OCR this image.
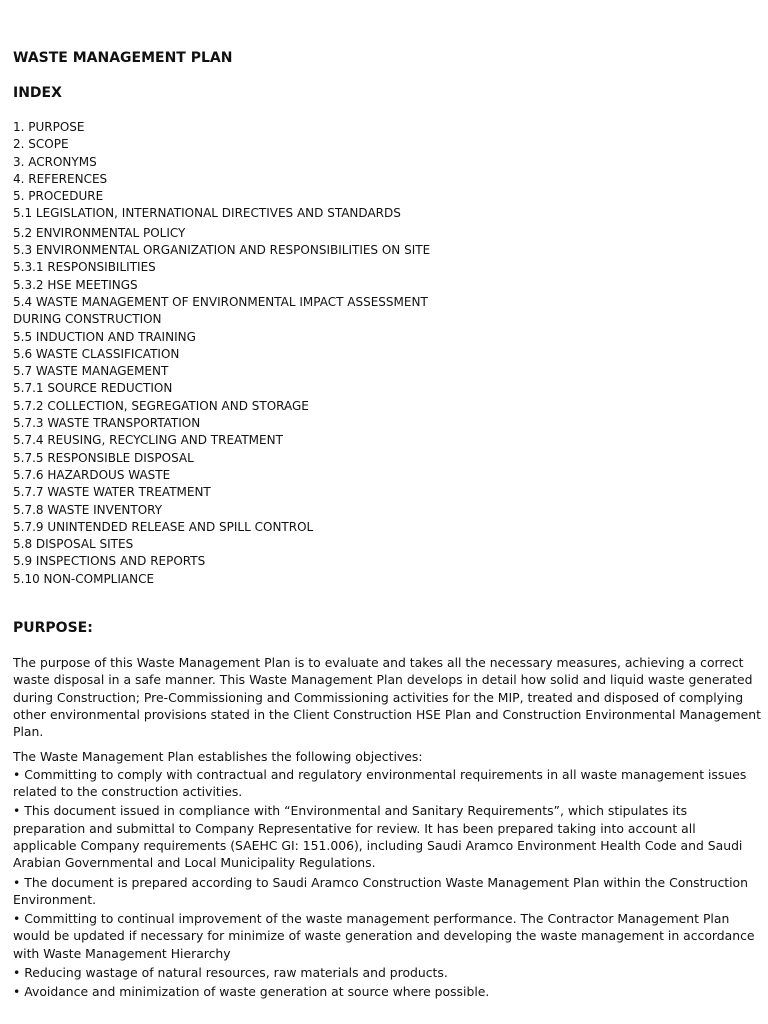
WASTE MANAGEMENT PLAN
INDEX
1. PURPOSE
2. SCOPE
3. ACRONYMS
4. REFERENCES
5. PROCEDURE
5.1 LEGISLATION, INTERNATIONAL DIRECTIVES AND STANDARDS
5.2 ENVIRONMENTAL POLICY
5.3 ENVIRONMENTAL ORGANIZATION AND RESPONSIBILITIES ON SITE
5.3.1 RESPONSIBILITIES
5.3.2 HSE MEETINGS
5.4 WASTE MANAGEMENT OF ENVIRONMENTAL IMPACT ASSESSMENT
DURING CONSTRUCTION
5.5 INDUCTION AND TRAINING
5.6 WASTE CLASSIFICATION
5.7 WASTE MANAGEMENT
5.7.1 SOURCE REDUCTION
5.7.2 COLLECTION, SEGREGATION AND STORAGE
5.7.3 WASTE TRANSPORTATION
5.7.4 REUSING, RECYCLING AND TREATMENT
5.7.5 RESPONSIBLE DISPOSAL
5.7.6 HAZARDOUS WASTE
5.7.7 WASTE WATER TREATMENT
5.7.8 WASTE INVENTORY
5.7.9 UNINTENDED RELEASE AND SPILL CONTROL
5.8 DISPOSAL SITES
5.9 INSPECTIONS AND REPORTS
5.10 NON-COMPLIANCE
PURPOSE:

The purpose of this Waste Management Plan is to evaluate and takes all the necessary measures, achieving a correct waste disposal in a safe manner. This Waste Management Plan develops in detail how solid and liquid waste generated during Construction; Pre-Commissioning and Commissioning activities for the MIP, treated and disposed of complying other environmental provisions stated in the Client Construction HSE Plan and Construction Environmental Management Plan.

The Waste Management Plan establishes the following objectives:

• Committing to comply with contractual and regulatory environmental requirements in all waste management issues related to the construction activities.

• This document issued in compliance with “Environmental and Sanitary Requirements”, which stipulates its preparation and submittal to Company Representative for review. It has been prepared taking into account all applicable Company requirements (SAEHC GI: 151.006), including Saudi Aramco Environment Health Code and Saudi Arabian Governmental and Local Municipality Regulations.

• The document is prepared according to Saudi Aramco Construction Waste Management Plan within the Construction Environment.

• Committing to continual improvement of the waste management performance. The Contractor Management Plan would be updated if necessary for minimize of waste generation and developing the waste management in accordance with Waste Management Hierarchy

• Reducing wastage of natural resources, raw materials and products.

• Avoidance and minimization of waste generation at source where possible.
